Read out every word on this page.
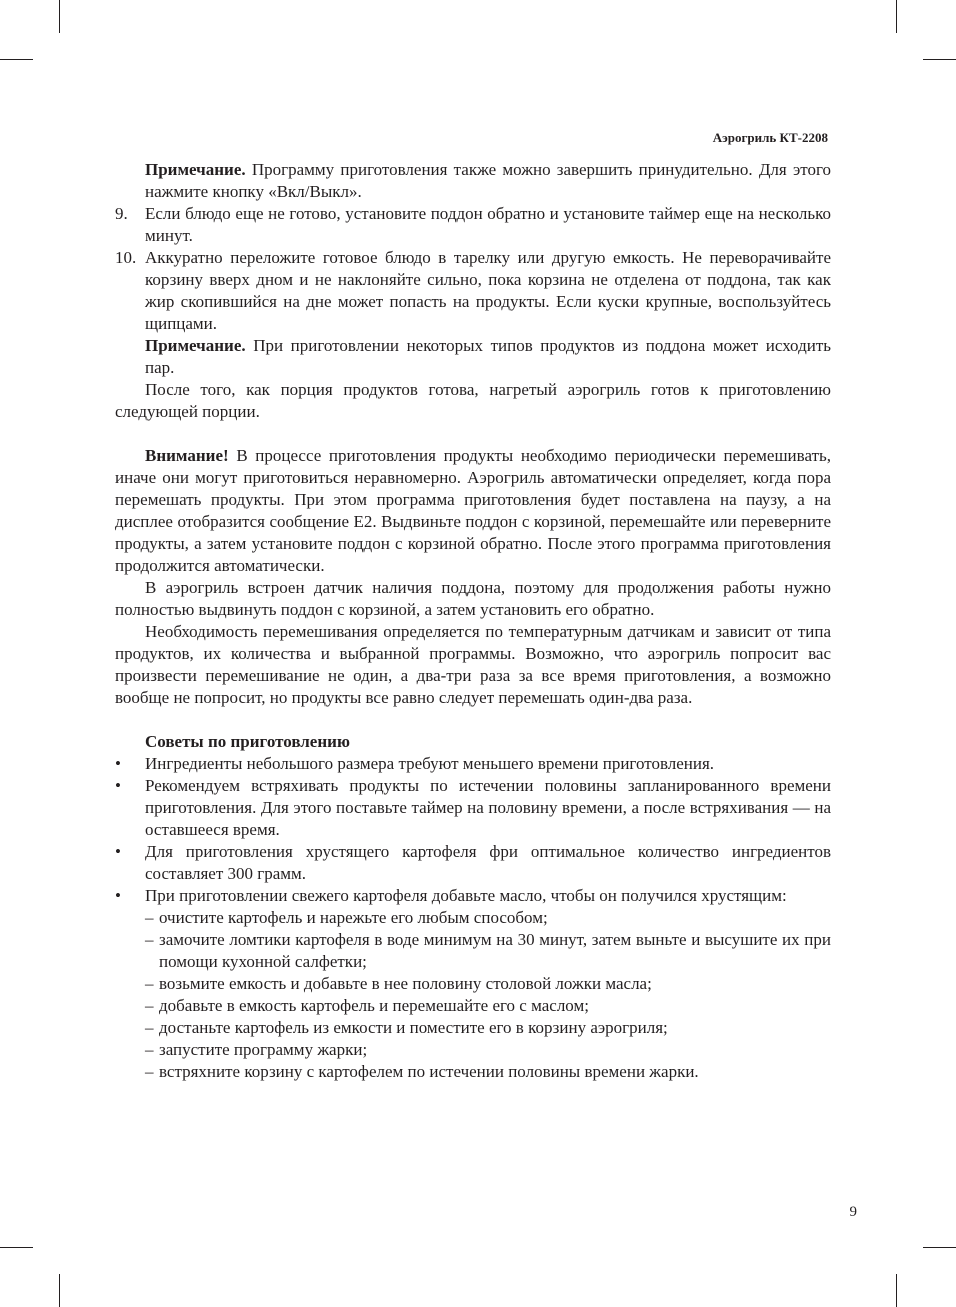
Аэрогриль КТ-2208

Примечание. Программу приготовления также можно завершить принудительно. Для этого нажмите кнопку «Вкл/Выкл».

9. Если блюдо еще не готово, установите поддон обратно и установите таймер еще на несколько минут.
10. Аккуратно переложите готовое блюдо в тарелку или другую емкость. Не переворачивайте корзину вверх дном и не наклоняйте сильно, пока корзина не отделена от поддона, так как жир скопившийся на дне может попасть на продукты. Если куски крупные, воспользуйтесь щипцами.

Примечание. При приготовлении некоторых типов продуктов из поддона может исходить пар.

После того, как порция продуктов готова, нагретый аэрогриль готов к приготовлению следующей порции.

Внимание! В процессе приготовления продукты необходимо периодически перемешивать, иначе они могут приготовиться неравномерно. Аэрогриль автоматически определяет, когда пора перемешать продукты. При этом программа приготовления будет поставлена на паузу, а на дисплее отобразится сообщение Е2. Выдвиньте поддон с корзиной, перемешайте или переверните продукты, а затем установите поддон с корзиной обратно. После этого программа приготовления продолжится автоматически.

В аэрогриль встроен датчик наличия поддона, поэтому для продолжения работы нужно полностью выдвинуть поддон с корзиной, а затем установить его обратно.

Необходимость перемешивания определяется по температурным датчикам и зависит от типа продуктов, их количества и выбранной программы. Возможно, что аэрогриль попросит вас произвести перемешивание не один, а два-три раза за все время приготовления, а возможно вообще не попросит, но продукты все равно следует перемешать один-два раза.

Советы по приготовлению

• Ингредиенты небольшого размера требуют меньшего времени приготовления.
• Рекомендуем встряхивать продукты по истечении половины запланированного времени приготовления. Для этого поставьте таймер на половину времени, а после встряхивания — на оставшееся время.
• Для приготовления хрустящего картофеля фри оптимальное количество ингредиентов составляет 300 грамм.
• При приготовлении свежего картофеля добавьте масло, чтобы он получился хрустящим:
– очистите картофель и нарежьте его любым способом;
– замочите ломтики картофеля в воде минимум на 30 минут, затем выньте и высушите их при помощи кухонной салфетки;
– возьмите емкость и добавьте в нее половину столовой ложки масла;
– добавьте в емкость картофель и перемешайте его с маслом;
– достаньте картофель из емкости и поместите его в корзину аэрогриля;
– запустите программу жарки;
– встряхните корзину с картофелем по истечении половины времени жарки.
9
